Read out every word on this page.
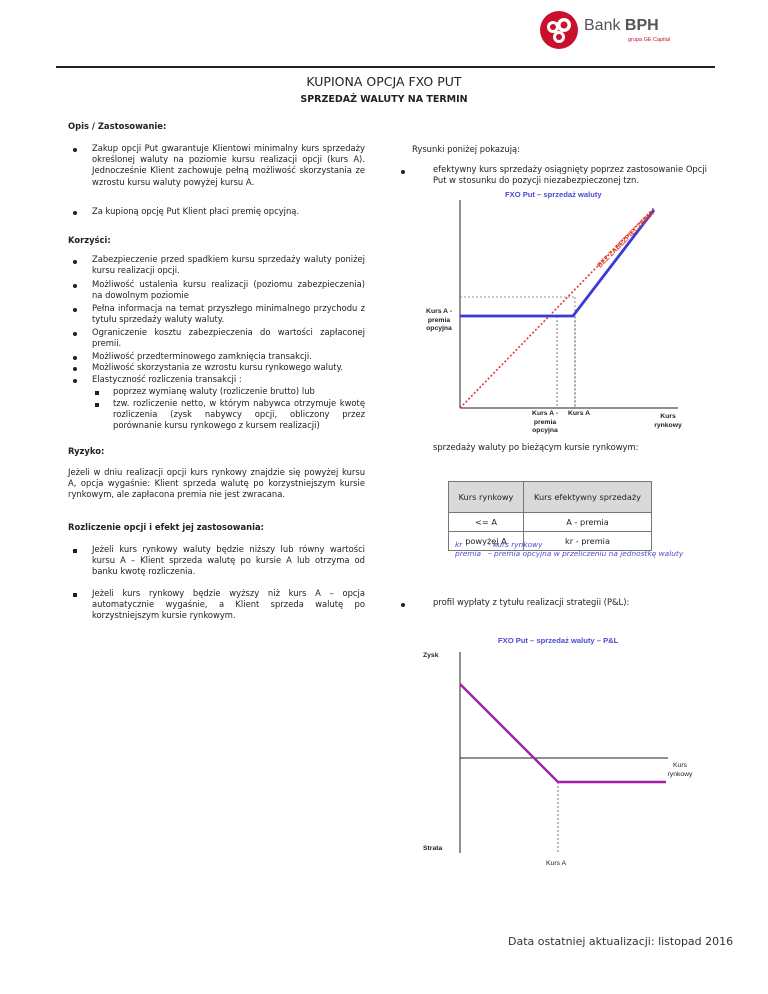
Bank BPH
grupa GE Capital
KUPIONA OPCJA FXO PUT
SPRZEDAŻ WALUTY NA TERMIN
Opis / Zastosowanie:
Zakup opcji Put gwarantuje Klientowi minimalny kurs sprzedaży określonej waluty na poziomie kursu realizacji opcji (kurs A). Jednocześnie Klient zachowuje pełną możliwość skorzystania ze wzrostu kursu waluty powyżej kursu A.
Za kupioną opcję Put Klient płaci premię opcyjną.
Korzyści:
Zabezpieczenie przed spadkiem kursu sprzedaży waluty poniżej kursu realizacji opcji.
Możliwość ustalenia kursu realizacji (poziomu zabezpieczenia) na dowolnym poziomie
Pełna informacja na temat przyszłego minimalnego przychodu z tytułu sprzedaży waluty waluty.
Ograniczenie kosztu zabezpieczenia do wartości zapłaconej premii.
Możliwość przedterminowego zamknięcia transakcji.
Możliwość skorzystania ze wzrostu kursu rynkowego waluty.
Elastyczność rozliczenia transakcji :
poprzez wymianę waluty (rozliczenie brutto) lub
tzw. rozliczenie netto, w którym nabywca otrzymuje kwotę rozliczenia (zysk nabywcy opcji, obliczony przez porównanie kursu rynkowego z kursem realizacji)
Ryzyko:
Jeżeli w dniu realizacji opcji kurs rynkowy znajdzie się powyżej kursu A, opcja wygaśnie: Klient sprzeda walutę po korzystniejszym kursie rynkowym, ale zapłacona premia nie jest zwracana.
Rozliczenie opcji i efekt jej zastosowania:
Jeżeli kurs rynkowy waluty będzie niższy lub równy wartości kursu A – Klient sprzeda walutę po kursie A lub otrzyma od banku kwotę rozliczenia.
Jeżeli kurs rynkowy będzie wyższy niż kurs A – opcja automatycznie wygaśnie, a Klient sprzeda walutę po korzystniejszym kursie rynkowym.
Rysunki poniżej pokazują:
efektywny kurs sprzedaży osiągnięty poprzez zastosowanie Opcji Put w stosunku do pozycji niezabezpieczonej tzn.
FXO Put – sprzedaż waluty
BEZ ZABEZPIECZENIA
Kurs A - premia opcyjna
Kurs A - premia opcyjna
Kurs A	Kurs rynkowy
sprzedaży waluty po bieżącym kursie rynkowym:
Kurs rynkowy	Kurs efektywny sprzedaży
<= A	A - premia
powyżej A	kr - premia
kr	- kurs rynkowy
premia – premia opcyjna w przeliczeniu na jednostkę waluty
profil wypłaty z tytułu realizacji strategii (P&L):
FXO Put – sprzedaż waluty – P&L
Zysk
Kurs rynkowy
Strata
Kurs A
Data ostatniej aktualizacji: listopad 2016
